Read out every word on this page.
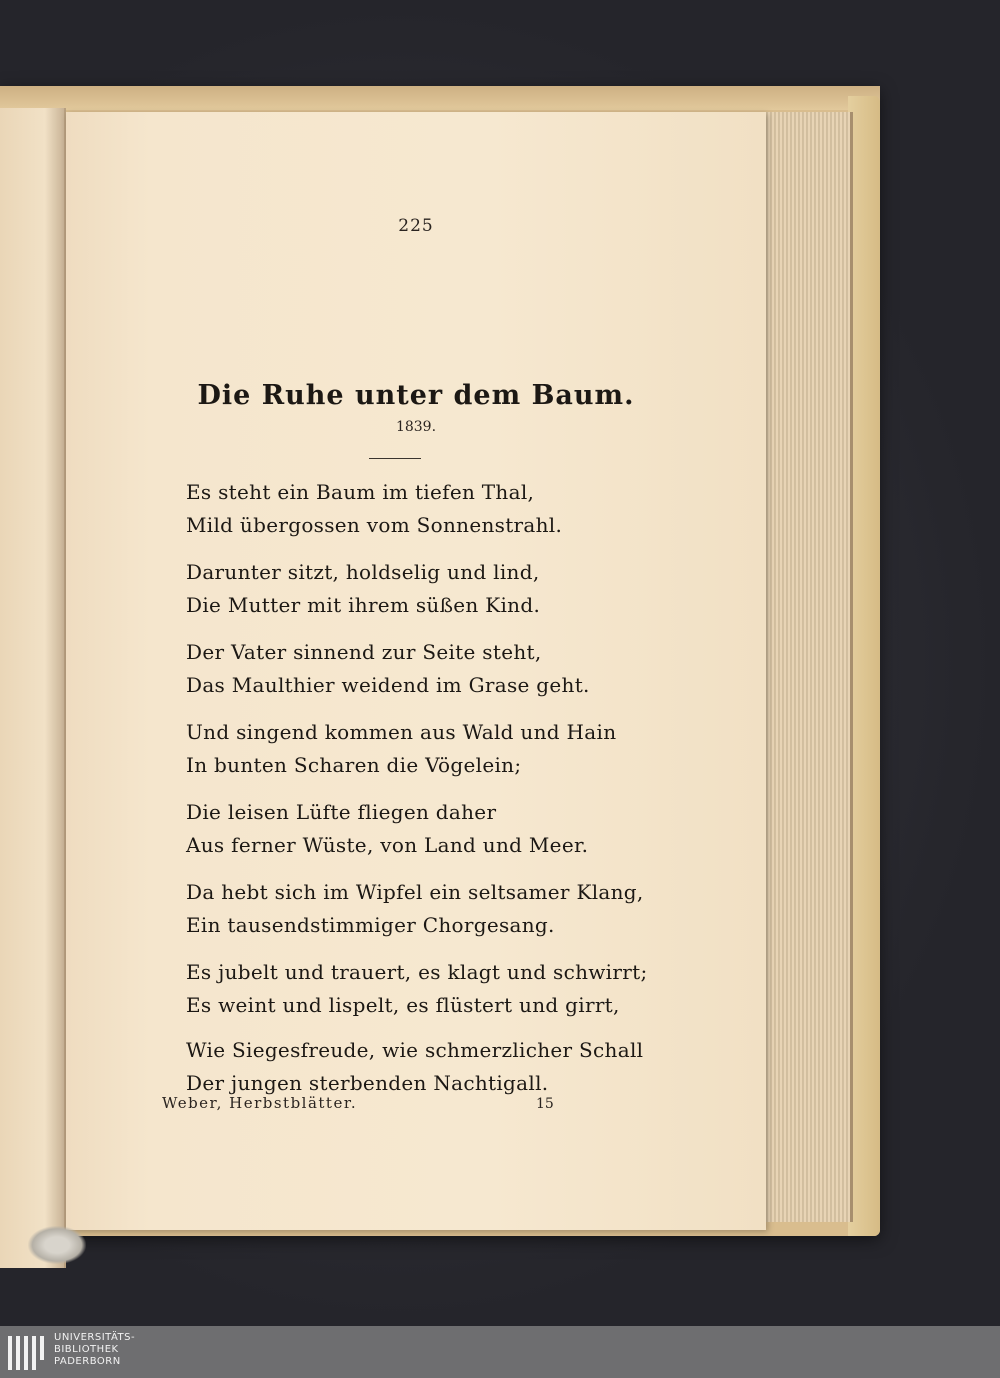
225
Die Ruhe unter dem Baum.
1839.
Es steht ein Baum im tiefen Thal,
Mild übergossen vom Sonnenstrahl.
Darunter sitzt, holdselig und lind,
Die Mutter mit ihrem süßen Kind.
Der Vater sinnend zur Seite steht,
Das Maulthier weidend im Grase geht.
Und singend kommen aus Wald und Hain
In bunten Scharen die Vögelein;
Die leisen Lüfte fliegen daher
Aus ferner Wüste, von Land und Meer.
Da hebt sich im Wipfel ein seltsamer Klang,
Ein tausendstimmiger Chorgesang.
Es jubelt und trauert, es klagt und schwirrt;
Es weint und lispelt, es flüstert und girrt,
Wie Siegesfreude, wie schmerzlicher Schall
Der jungen sterbenden Nachtigall.
Weber, Herbstblätter.	15
UNIVERSITÄTS-
BIBLIOTHEK
PADERBORN
